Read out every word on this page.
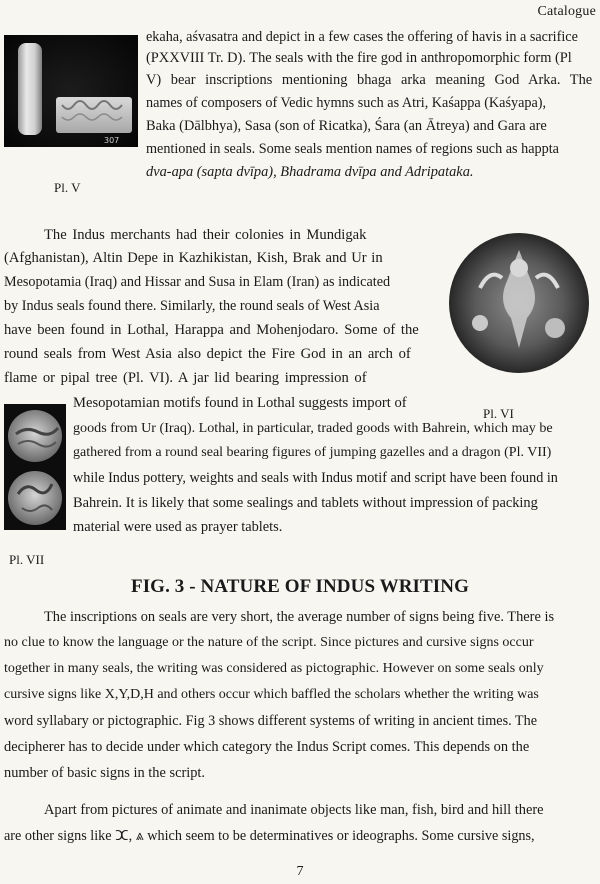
Catalogue
307
Pl. V
Pl. VI
Pl. VII
ekaha, aśvasatra and depict in a few cases the offering of havis in a sacrifice
(PXXVIII Tr. D). The seals with the fire god in anthropomorphic form (Pl
V) bear inscriptions mentioning bhaga arka meaning God Arka. The
names of composers of Vedic hymns such as Atri, Kaśappa (Kaśyapa),
Baka (Dālbhya), Sasa (son of Ricatka), Śara (an Ātreya) and Gara are
mentioned in seals. Some seals mention names of regions such as happta
dva-apa (sapta dvīpa), Bhadrama dvīpa and Adripataka.
The Indus merchants had their colonies in Mundigak
(Afghanistan), Altin Depe in Kazhikistan, Kish, Brak and Ur in
Mesopotamia (Iraq) and Hissar and Susa in Elam (Iran) as indicated
by Indus seals found there. Similarly, the round seals of West Asia
have been found in Lothal, Harappa and Mohenjodaro. Some of the
round seals from West Asia also depict the Fire God in an arch of
flame or pipal tree (Pl. VI). A jar lid bearing impression of
Mesopotamian motifs found in Lothal suggests import of
goods from Ur (Iraq). Lothal, in particular, traded goods with Bahrein, which may be
gathered from a round seal bearing figures of jumping gazelles and a dragon (Pl. VII)
while Indus pottery, weights and seals with Indus motif and script have been found in
Bahrein. It is likely that some sealings and tablets without impression of packing
material were used as prayer tablets.
FIG. 3 - NATURE OF INDUS WRITING
The inscriptions on seals are very short, the average number of signs being five. There is
no clue to know the language or the nature of the script. Since pictures and cursive signs occur
together in many seals, the writing was considered as pictographic. However on some seals only
cursive signs like X,Y,D,H and others occur which baffled the scholars whether the writing was
word syllabary or pictographic. Fig 3 shows different systems of writing in ancient times. The
decipherer has to decide under which category the Indus Script comes. This depends on the
number of basic signs in the script.
Apart from pictures of animate and inanimate objects like man, fish, bird and hill there
are other signs like ⵋ, ⩓ which seem to be determinatives or ideographs. Some cursive signs,
7
